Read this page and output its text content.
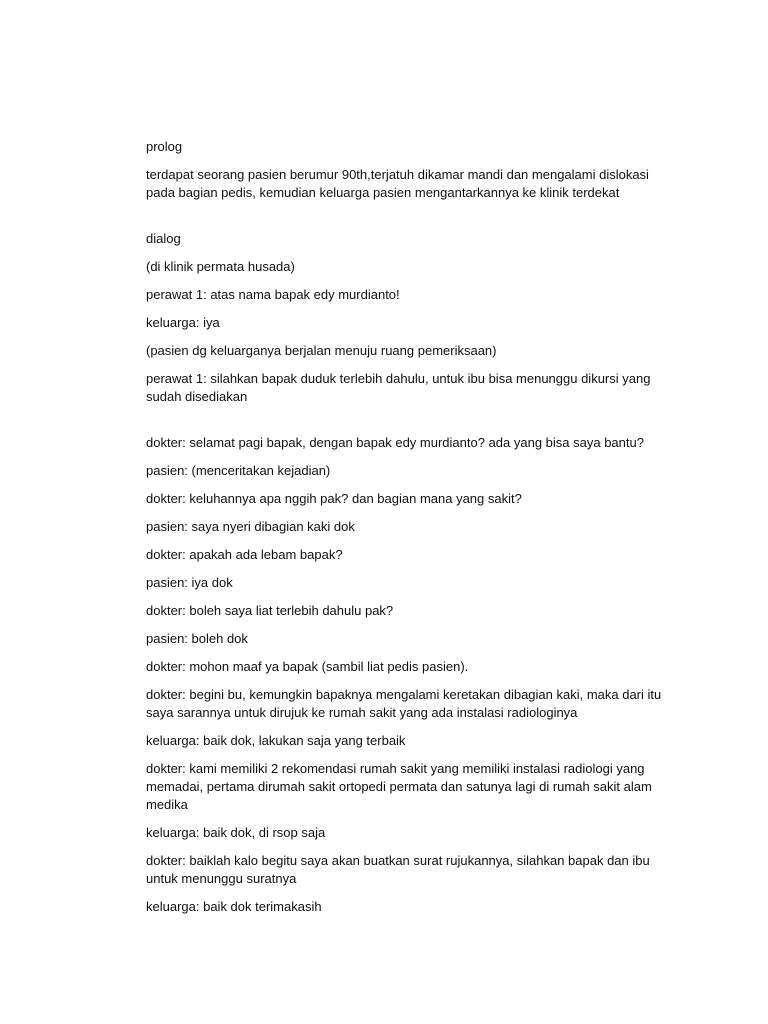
prolog

terdapat seorang pasien berumur 90th,terjatuh dikamar mandi dan mengalami dislokasi pada bagian pedis, kemudian keluarga pasien mengantarkannya ke klinik terdekat

dialog

(di klinik permata husada)

perawat 1: atas nama bapak edy murdianto!

keluarga: iya

(pasien dg keluarganya berjalan menuju ruang pemeriksaan)

perawat 1: silahkan bapak duduk terlebih dahulu, untuk ibu bisa menunggu dikursi yang sudah disediakan

dokter: selamat pagi bapak, dengan bapak edy murdianto? ada yang bisa saya bantu?

pasien: (menceritakan kejadian)

dokter: keluhannya apa nggih pak? dan bagian mana yang sakit?

pasien: saya nyeri dibagian kaki dok

dokter: apakah ada lebam bapak?

pasien: iya dok

dokter: boleh saya liat terlebih dahulu pak?

pasien: boleh dok

dokter: mohon maaf ya bapak (sambil liat pedis pasien).

dokter: begini bu, kemungkin bapaknya mengalami keretakan dibagian kaki, maka dari itu saya sarannya untuk dirujuk ke rumah sakit yang ada instalasi radiologinya

keluarga: baik dok, lakukan saja yang terbaik

dokter: kami memiliki 2 rekomendasi rumah sakit yang memiliki instalasi radiologi yang memadai, pertama dirumah sakit ortopedi permata dan satunya lagi di rumah sakit alam medika

keluarga: baik dok, di rsop saja

dokter: baiklah kalo begitu saya akan buatkan surat rujukannya, silahkan bapak dan ibu untuk menunggu suratnya

keluarga: baik dok terimakasih
